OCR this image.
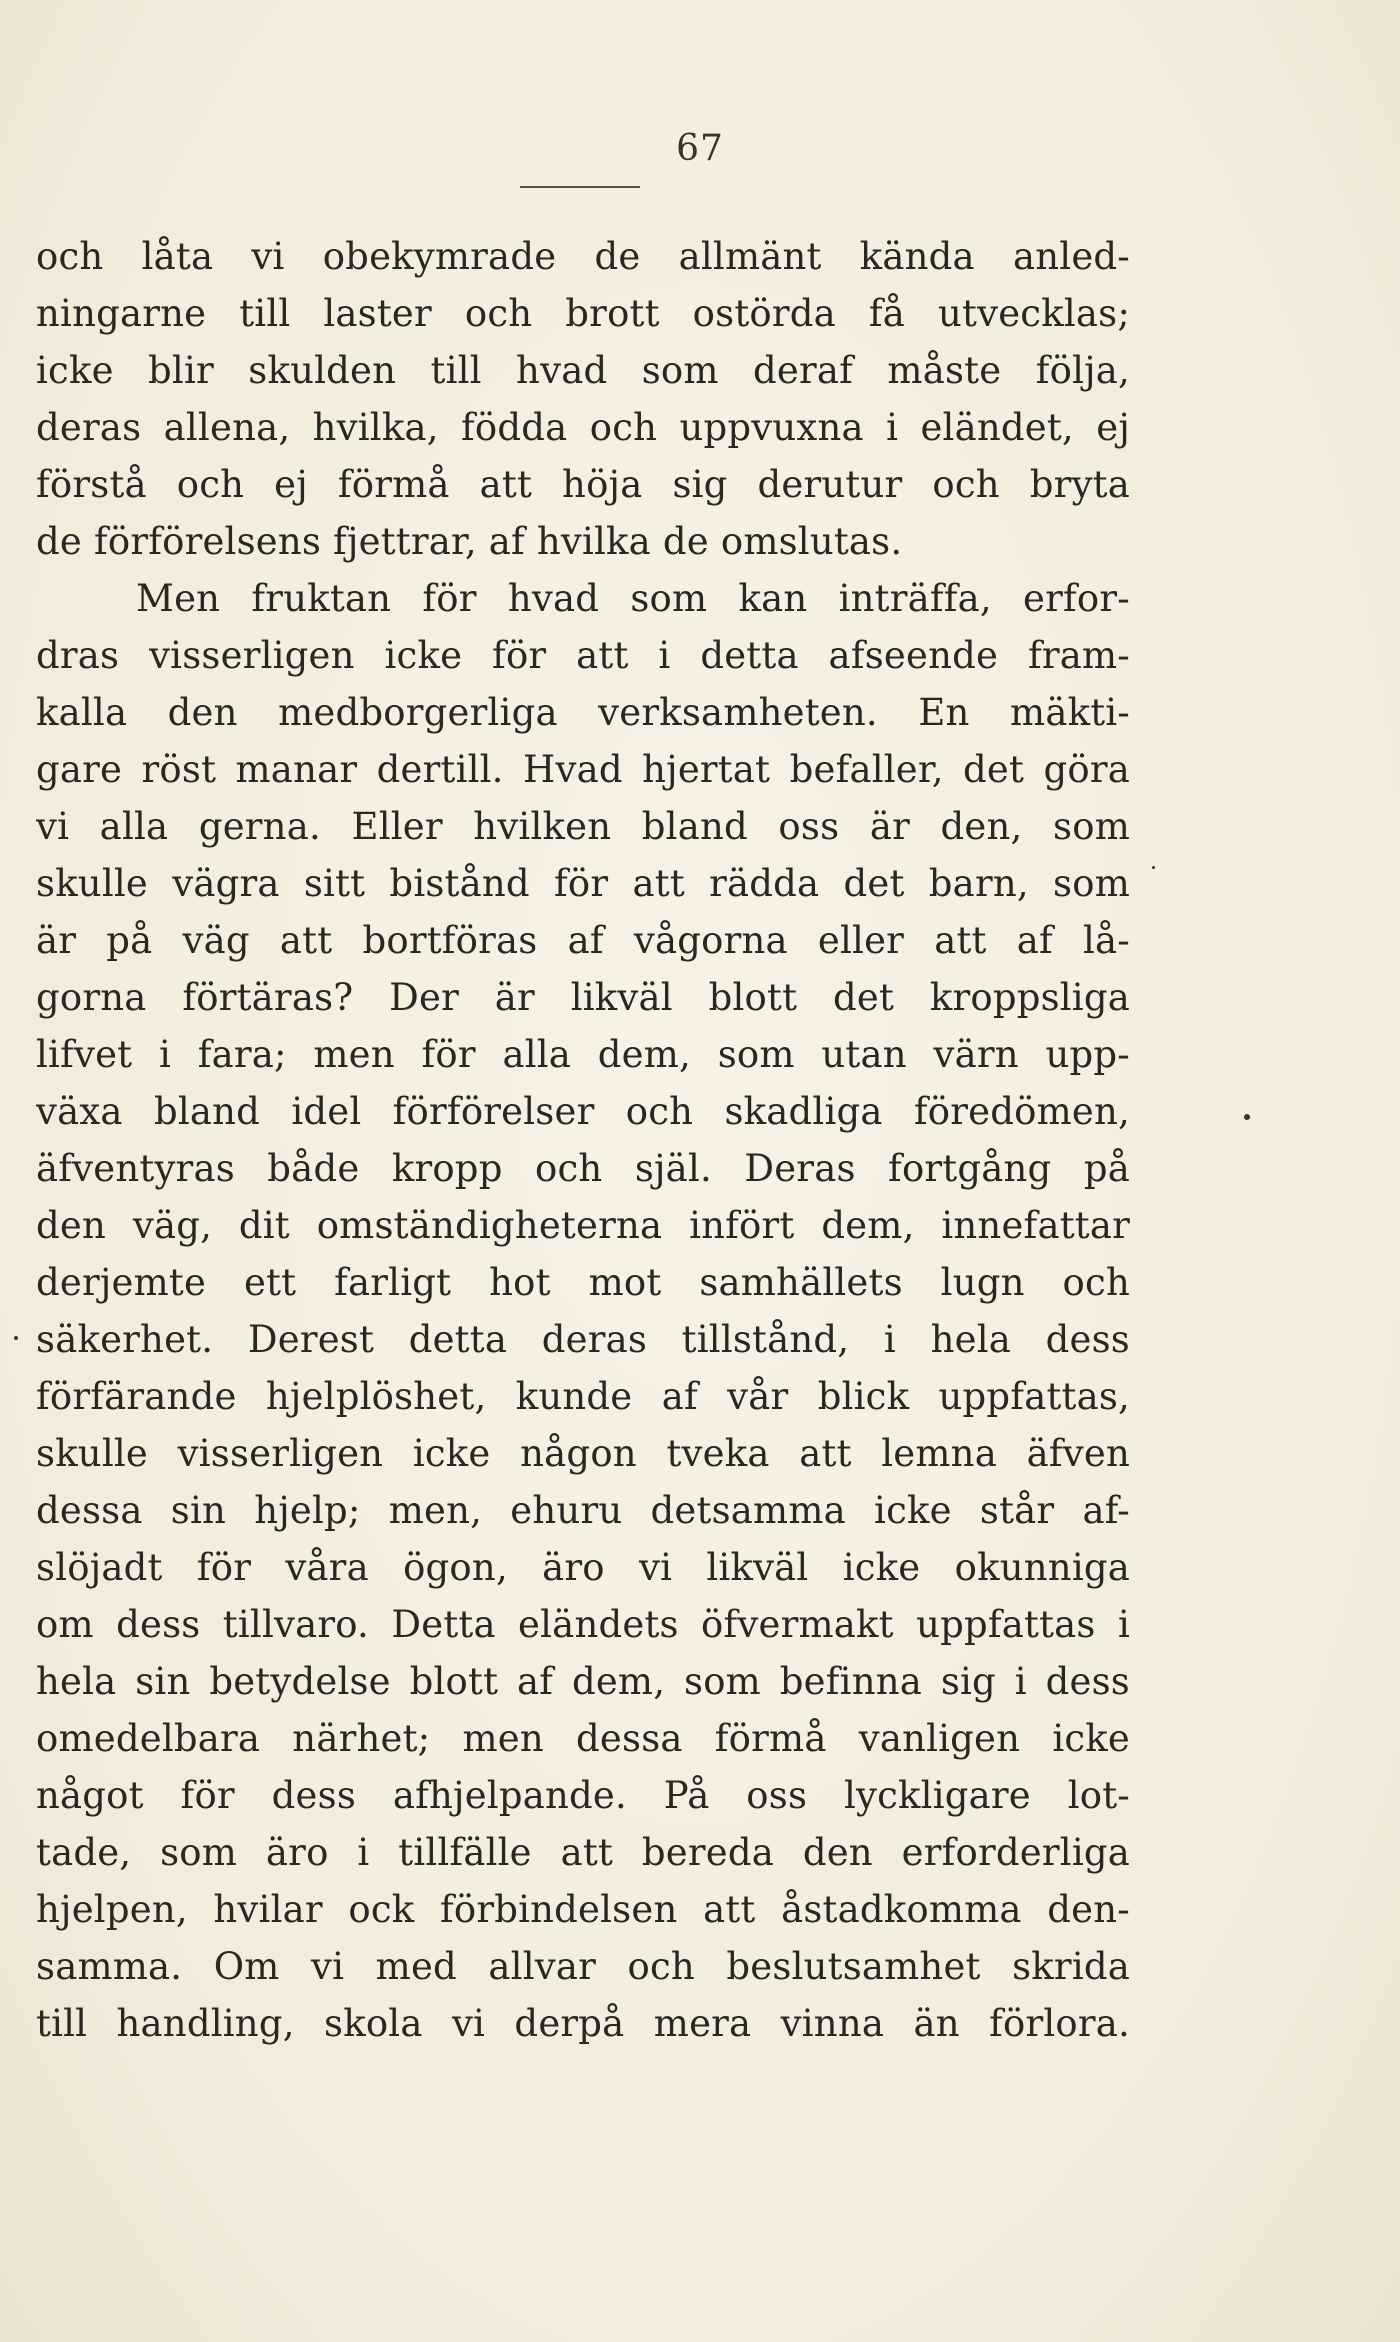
67
och låta vi obekymrade de allmänt kända anled-
ningarne till laster och brott ostörda få utvecklas;
icke blir skulden till hvad som deraf måste följa,
deras allena, hvilka, födda och uppvuxna i eländet, ej
förstå och ej förmå att höja sig derutur och bryta
de förförelsens fjettrar, af hvilka de omslutas.
Men fruktan för hvad som kan inträffa, erfor-
dras visserligen icke för att i detta afseende fram-
kalla den medborgerliga verksamheten. En mäkti-
gare röst manar dertill. Hvad hjertat befaller, det göra
vi alla gerna. Eller hvilken bland oss är den, som
skulle vägra sitt bistånd för att rädda det barn, som
är på väg att bortföras af vågorna eller att af lå-
gorna förtäras? Der är likväl blott det kroppsliga
lifvet i fara; men för alla dem, som utan värn upp-
växa bland idel förförelser och skadliga föredömen,
äfventyras både kropp och själ. Deras fortgång på
den väg, dit omständigheterna infört dem, innefattar
derjemte ett farligt hot mot samhällets lugn och
säkerhet. Derest detta deras tillstånd, i hela dess
förfärande hjelplöshet, kunde af vår blick uppfattas,
skulle visserligen icke någon tveka att lemna äfven
dessa sin hjelp; men, ehuru detsamma icke står af-
slöjadt för våra ögon, äro vi likväl icke okunniga
om dess tillvaro. Detta eländets öfvermakt uppfattas i
hela sin betydelse blott af dem, som befinna sig i dess
omedelbara närhet; men dessa förmå vanligen icke
något för dess afhjelpande. På oss lyckligare lot-
tade, som äro i tillfälle att bereda den erforderliga
hjelpen, hvilar ock förbindelsen att åstadkomma den-
samma. Om vi med allvar och beslutsamhet skrida
till handling, skola vi derpå mera vinna än förlora.
